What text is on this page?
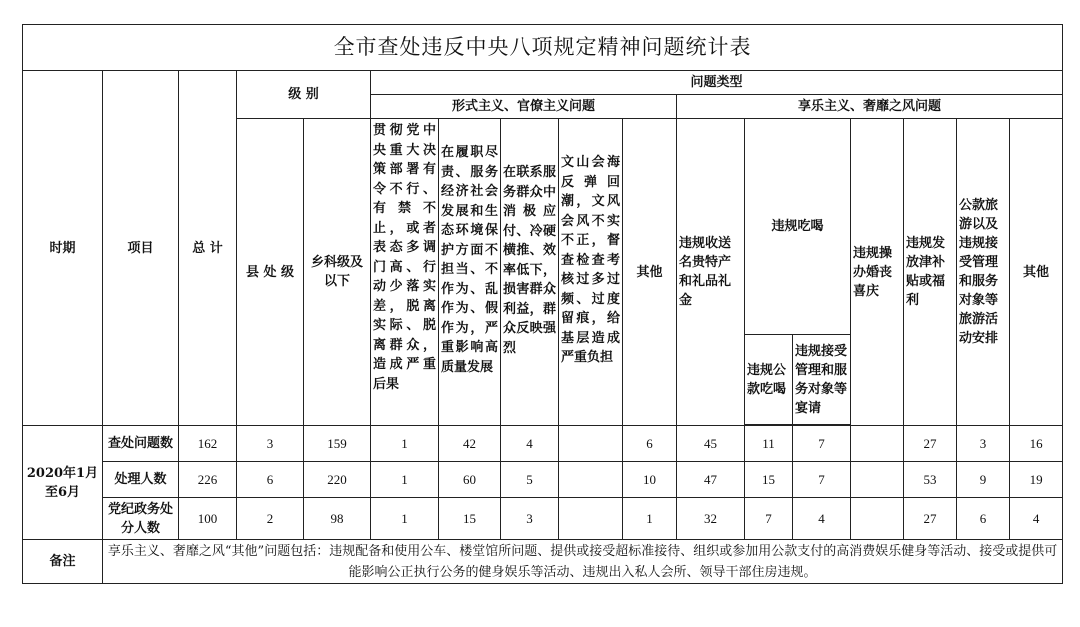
全市查处违反中央八项规定精神问题统计表																
时期	项目	总 计	级 别		问题类型											
					形式主义、官僚主义问题					享乐主义、奢靡之风问题						
			县 处 级	乡科级及以下	贯彻党中央重大决策部署有令不行、有禁不止，或者表态多调门高、行动少落实差，脱离实际、脱离群众，造成严重后果	在履职尽责、服务经济社会发展和生态环境保护方面不担当、不作为、乱作为、假作为，严重影响高质量发展	在联系服务群众中消极应付、冷硬横推、效率低下，损害群众利益，群众反映强烈	文山会海反弹回潮，文风会风不实不正，督查检查考核过多过频、过度留痕，给基层造成严重负担	其他	违规收送名贵特产和礼品礼金	违规吃喝		违规操办婚丧喜庆	违规发放津补贴或福利	公款旅游以及违规接受管理和服务对象等旅游活动安排	其他
											违规公款吃喝	违规接受管理和服务对象等宴请				

2020年1月至6月	查处问题数	162	3	159	1	42	4		6	45	11	7		27	3	16
	处理人数	226	6	220	1	60	5		10	47	15	7		53	9	19
	党纪政务处分人数	100	2	98	1	15	3		1	32	7	4		27	6	4
备注	享乐主义、奢靡之风“其他”问题包括：违规配备和使用公车、楼堂馆所问题、提供或接受超标准接待、组织或参加用公款支付的高消费娱乐健身等活动、接受或提供可能影响公正执行公务的健身娱乐等活动、违规出入私人会所、领导干部住房违规。															
